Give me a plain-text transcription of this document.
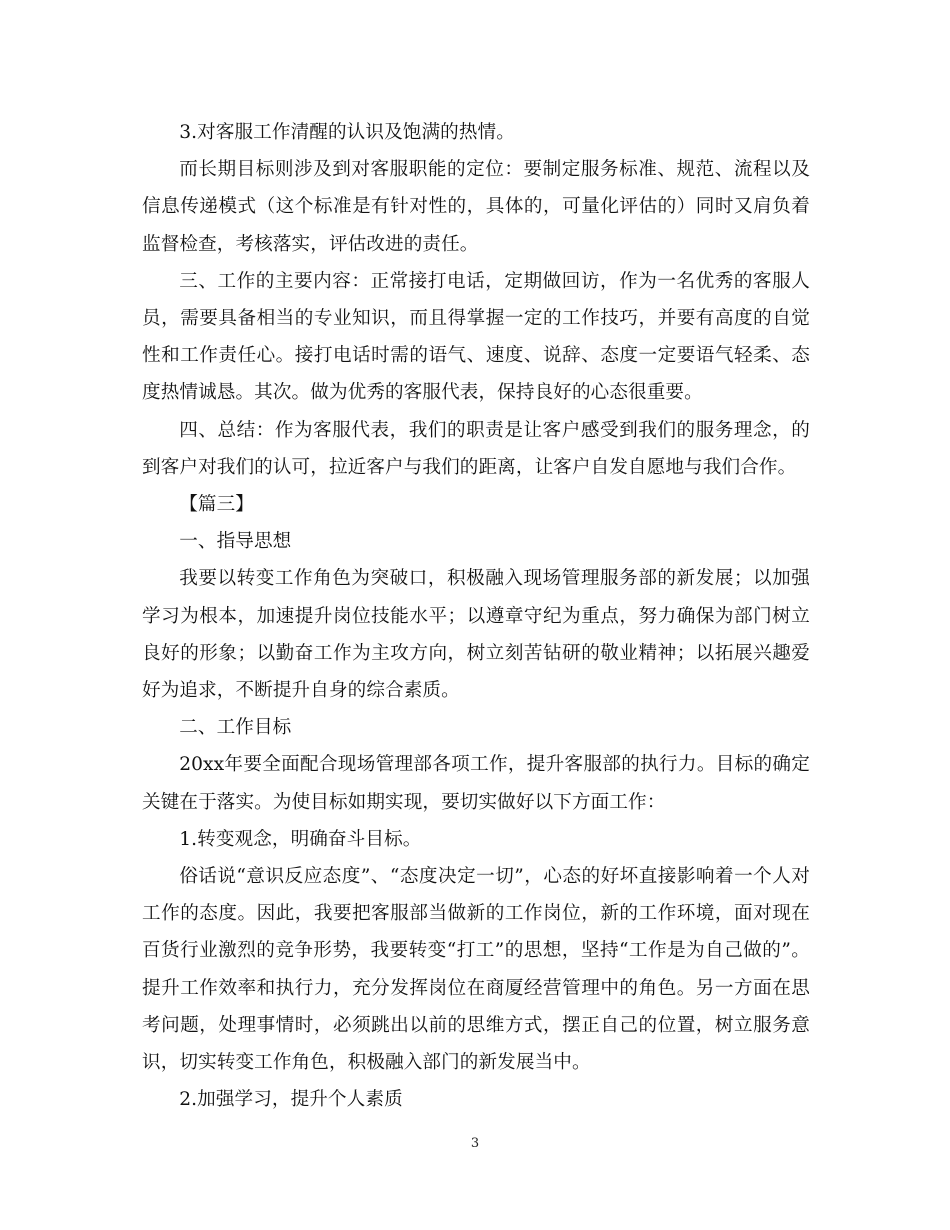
3.对客服工作清醒的认识及饱满的热情。

而长期目标则涉及到对客服职能的定位：要制定服务标准、规范、流程以及信息传递模式（这个标准是有针对性的，具体的，可量化评估的）同时又肩负着监督检查，考核落实，评估改进的责任。

三、工作的主要内容：正常接打电话，定期做回访，作为一名优秀的客服人员，需要具备相当的专业知识，而且得掌握一定的工作技巧，并要有高度的自觉性和工作责任心。接打电话时需的语气、速度、说辞、态度一定要语气轻柔、态度热情诚恳。其次。做为优秀的客服代表，保持良好的心态很重要。

四、总结：作为客服代表，我们的职责是让客户感受到我们的服务理念，的到客户对我们的认可，拉近客户与我们的距离，让客户自发自愿地与我们合作。

【篇三】

一、指导思想

我要以转变工作角色为突破口，积极融入现场管理服务部的新发展；以加强学习为根本，加速提升岗位技能水平；以遵章守纪为重点，努力确保为部门树立良好的形象；以勤奋工作为主攻方向，树立刻苦钻研的敬业精神；以拓展兴趣爱好为追求，不断提升自身的综合素质。

二、工作目标

20xx年要全面配合现场管理部各项工作，提升客服部的执行力。目标的确定关键在于落实。为使目标如期实现，要切实做好以下方面工作：

1.转变观念，明确奋斗目标。

俗话说“意识反应态度”、“态度决定一切”，心态的好坏直接影响着一个人对工作的态度。因此，我要把客服部当做新的工作岗位，新的工作环境，面对现在百货行业激烈的竞争形势，我要转变“打工”的思想，坚持“工作是为自己做的”。提升工作效率和执行力，充分发挥岗位在商厦经营管理中的角色。另一方面在思考问题，处理事情时，必须跳出以前的思维方式，摆正自己的位置，树立服务意识，切实转变工作角色，积极融入部门的新发展当中。

2.加强学习，提升个人素质

3
